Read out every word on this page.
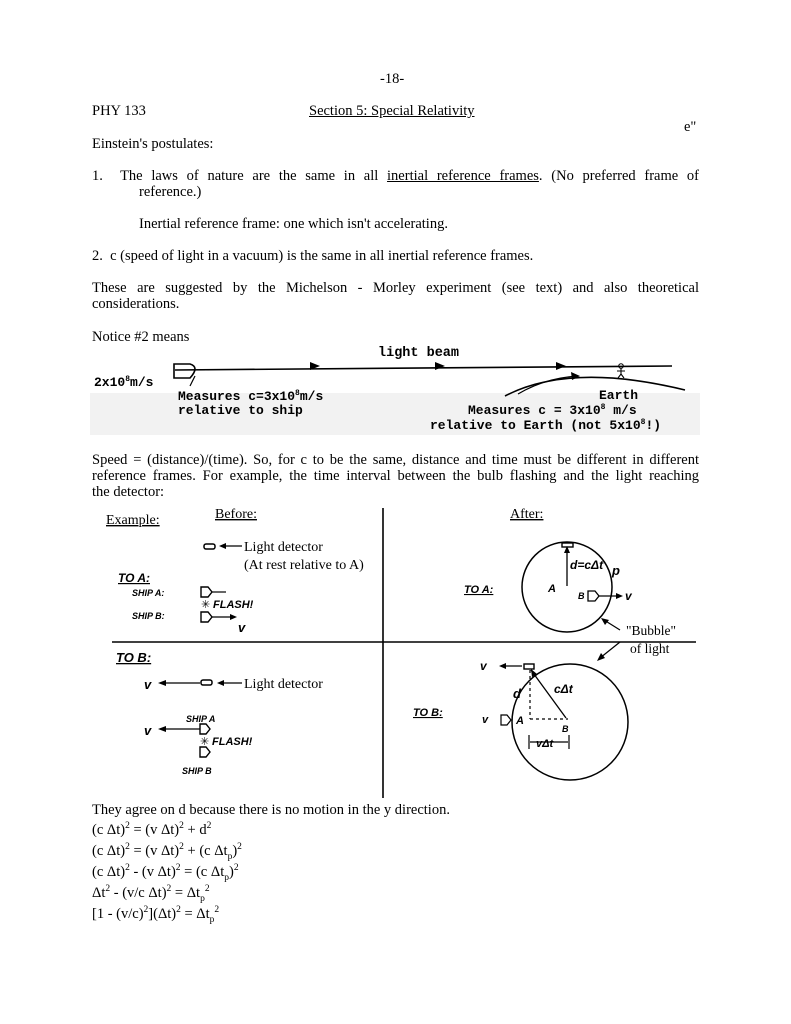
-18-
PHY 133	Section 5: Special Relativity
e"
Einstein's postulates:
1. The laws of nature are the same in all inertial reference frames. (No preferred frame of
reference.)
Inertial reference frame: one which isn't accelerating.
2. c (speed of light in a vacuum) is the same in all inertial reference frames.
These are suggested by the Michelson - Morley experiment (see text) and also theoretical
considerations.
Notice #2 means
light beam
$2x10^8m/s$
Measures $c=3x10^8m/s$
relative to ship
Earth
Measures $c = 3x10^8$ m/s
relative to Earth (not $5x10^8$!)
Speed = (distance)/(time). So, for c to be the same, distance and time must be different in different
reference frames. For example, the time interval between the bulb flashing and the light reaching
the detector:
Example:	Before:	After:
Light detector
(At rest relative to A)
TO A:
SHIP A:
✳ FLASH!
SHIP B:
v
TO B:
v	Light detector
SHIP A
v
✳ FLASH!
SHIP B
d=cΔt p
A
B	v
TO A:
"Bubble"
of light
v
d	cΔt
A
B
v
TO B:
vΔt
They agree on d because there is no motion in the y direction.
(c Δt)$^2$ = (v $\Delta t)^2 + d^2$
(c Δt)$^2$ = (v Δt)$^2$ + (c $\Delta t_p)^2$
(c Δt)$^2$ - (v Δt)$^2$ = (c $\Delta t_p)^2$
$\Delta t^2 - (v/c$ $\Delta t)^2 = \Delta t_p^2$
$[1 - (v/c)^2](\Delta t)^2 = \Delta t_p^2$
